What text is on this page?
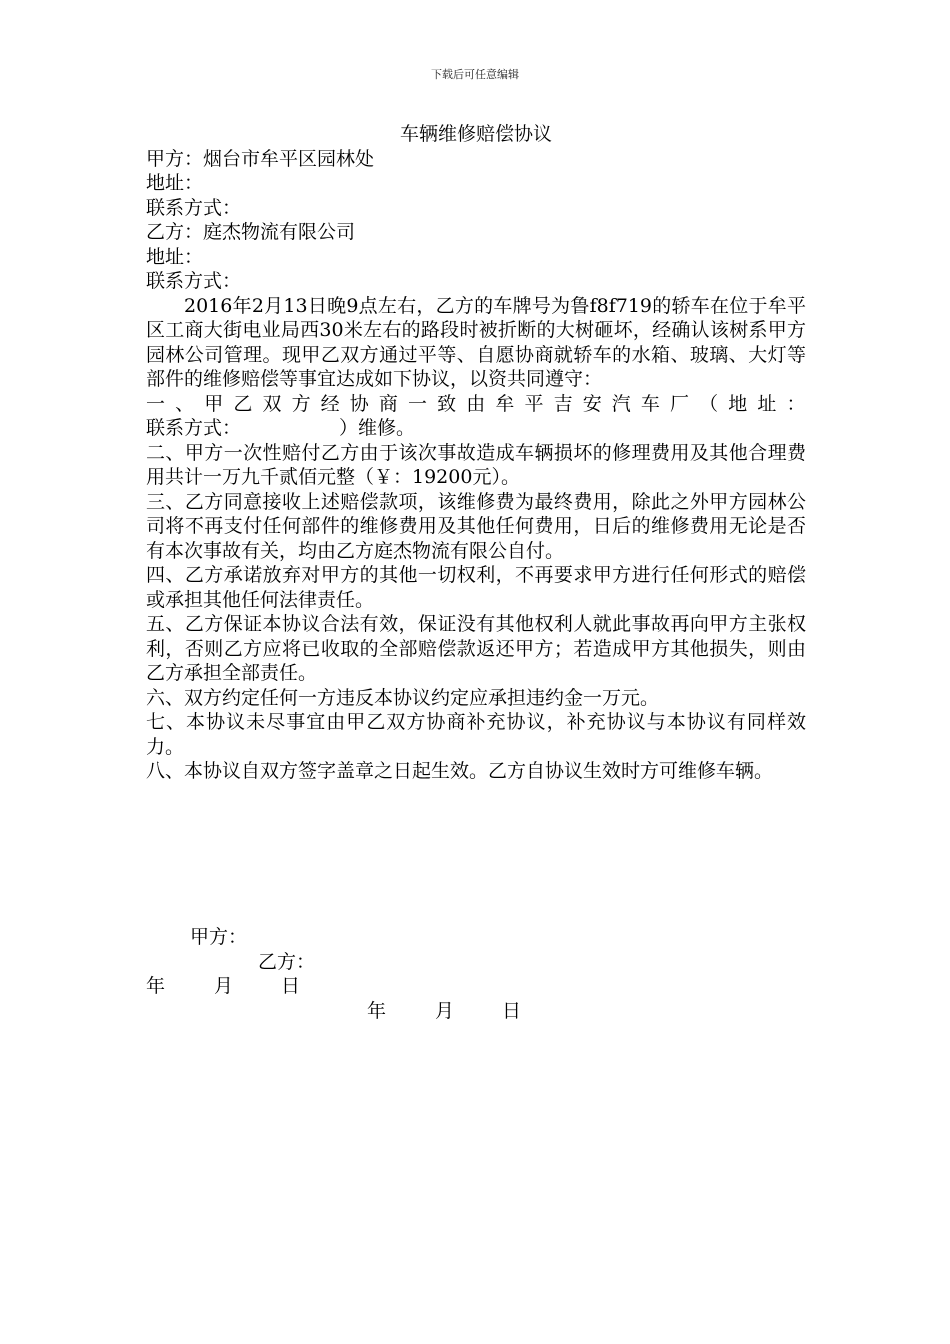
下载后可任意编辑
车辆维修赔偿协议
甲方：烟台市牟平区园林处
地址：
联系方式：
乙方：庭杰物流有限公司
地址：
联系方式：
2016年2月13日晚9点左右，乙方的车牌号为鲁f8f719的轿车在位于牟平区工商大街电业局西30米左右的路段时被折断的大树砸坏，经确认该树系甲方园林公司管理。现甲乙双方通过平等、自愿协商就轿车的水箱、玻璃、大灯等部件的维修赔偿等事宜达成如下协议，以资共同遵守：
一、甲乙双方经协商一致由牟平吉安汽车厂（地址：
联系方式：	）维修。
二、甲方一次性赔付乙方由于该次事故造成车辆损坏的修理费用及其他合理费用共计一万九千贰佰元整（￥：19200元）。
三、乙方同意接收上述赔偿款项，该维修费为最终费用，除此之外甲方园林公司将不再支付任何部件的维修费用及其他任何费用，日后的维修费用无论是否有本次事故有关，均由乙方庭杰物流有限公自付。
四、乙方承诺放弃对甲方的其他一切权利，不再要求甲方进行任何形式的赔偿或承担其他任何法律责任。
五、乙方保证本协议合法有效，保证没有其他权利人就此事故再向甲方主张权利，否则乙方应将已收取的全部赔偿款返还甲方；若造成甲方其他损失，则由乙方承担全部责任。
六、双方约定任何一方违反本协议约定应承担违约金一万元。
七、本协议未尽事宜由甲乙双方协商补充协议，补充协议与本协议有同样效力。
八、本协议自双方签字盖章之日起生效。乙方自协议生效时方可维修车辆。
甲方：
乙方：
年	月	日
年	月	日
